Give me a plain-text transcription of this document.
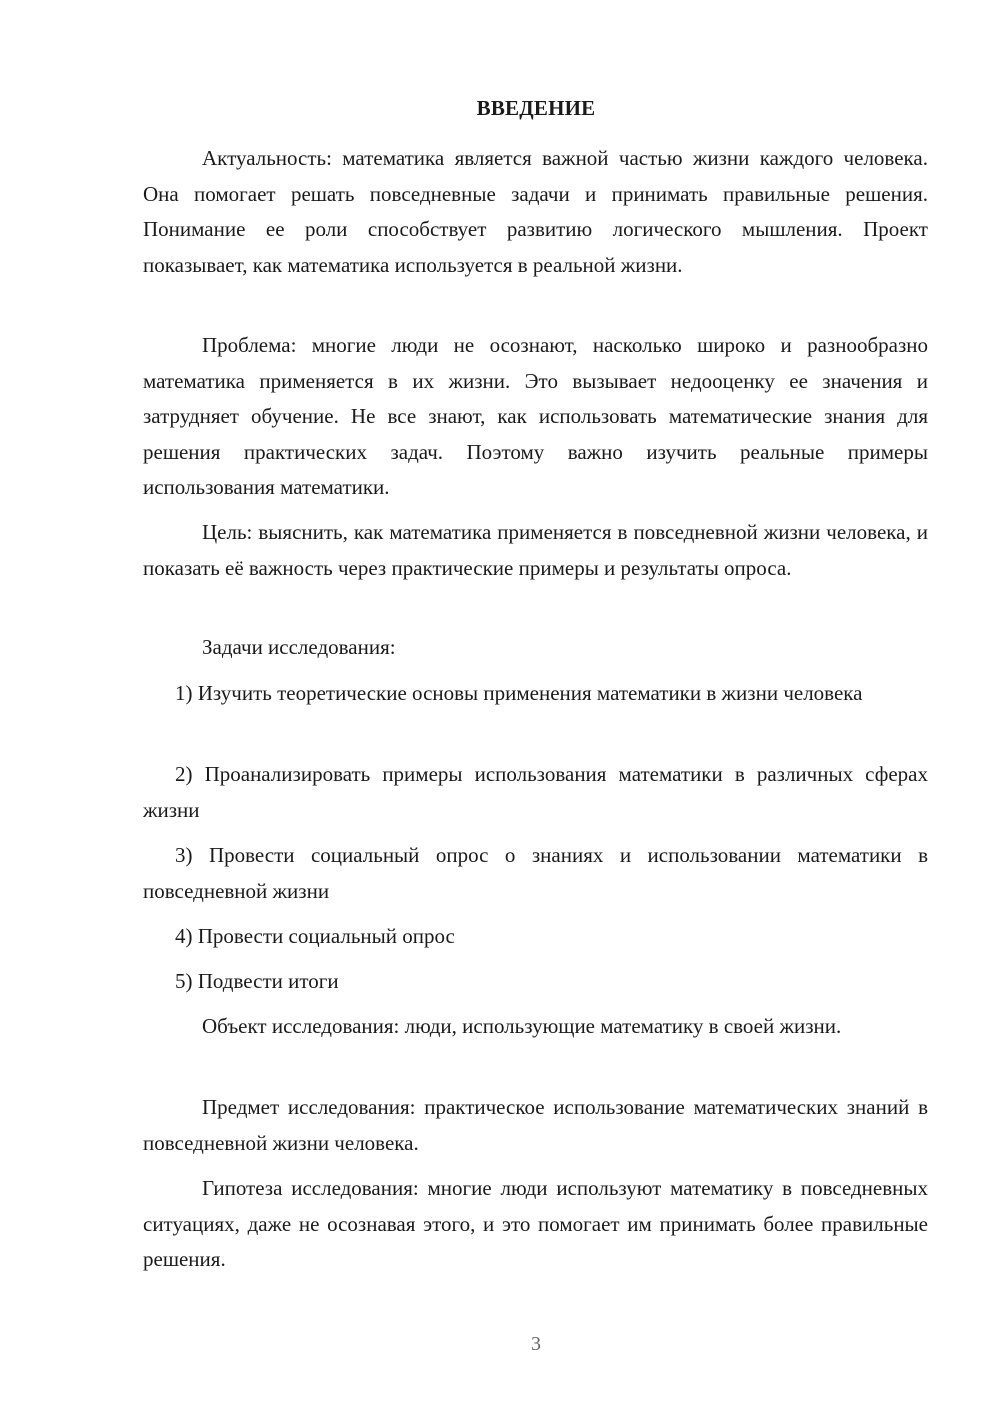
ВВЕДЕНИЕ

Актуальность: математика является важной частью жизни каждого человека. Она помогает решать повседневные задачи и принимать правильные решения. Понимание ее роли способствует развитию логического мышления. Проект показывает, как математика используется в реальной жизни.

Проблема: многие люди не осознают, насколько широко и разнообразно математика применяется в их жизни. Это вызывает недооценку ее значения и затрудняет обучение. Не все знают, как использовать математические знания для решения практических задач. Поэтому важно изучить реальные примеры использования математики.

Цель: выяснить, как математика применяется в повседневной жизни человека, и показать её важность через практические примеры и результаты опроса.

Задачи исследования:

1) Изучить теоретические основы применения математики в жизни человека

2) Проанализировать примеры использования математики в различных сферах жизни

3) Провести социальный опрос о знаниях и использовании математики в повседневной жизни

4) Провести социальный опрос

5) Подвести итоги

Объект исследования: люди, использующие математику в своей жизни.

Предмет исследования: практическое использование математических знаний в повседневной жизни человека.

Гипотеза исследования: многие люди используют математику в повседневных ситуациях, даже не осознавая этого, и это помогает им принимать более правильные решения.

3
